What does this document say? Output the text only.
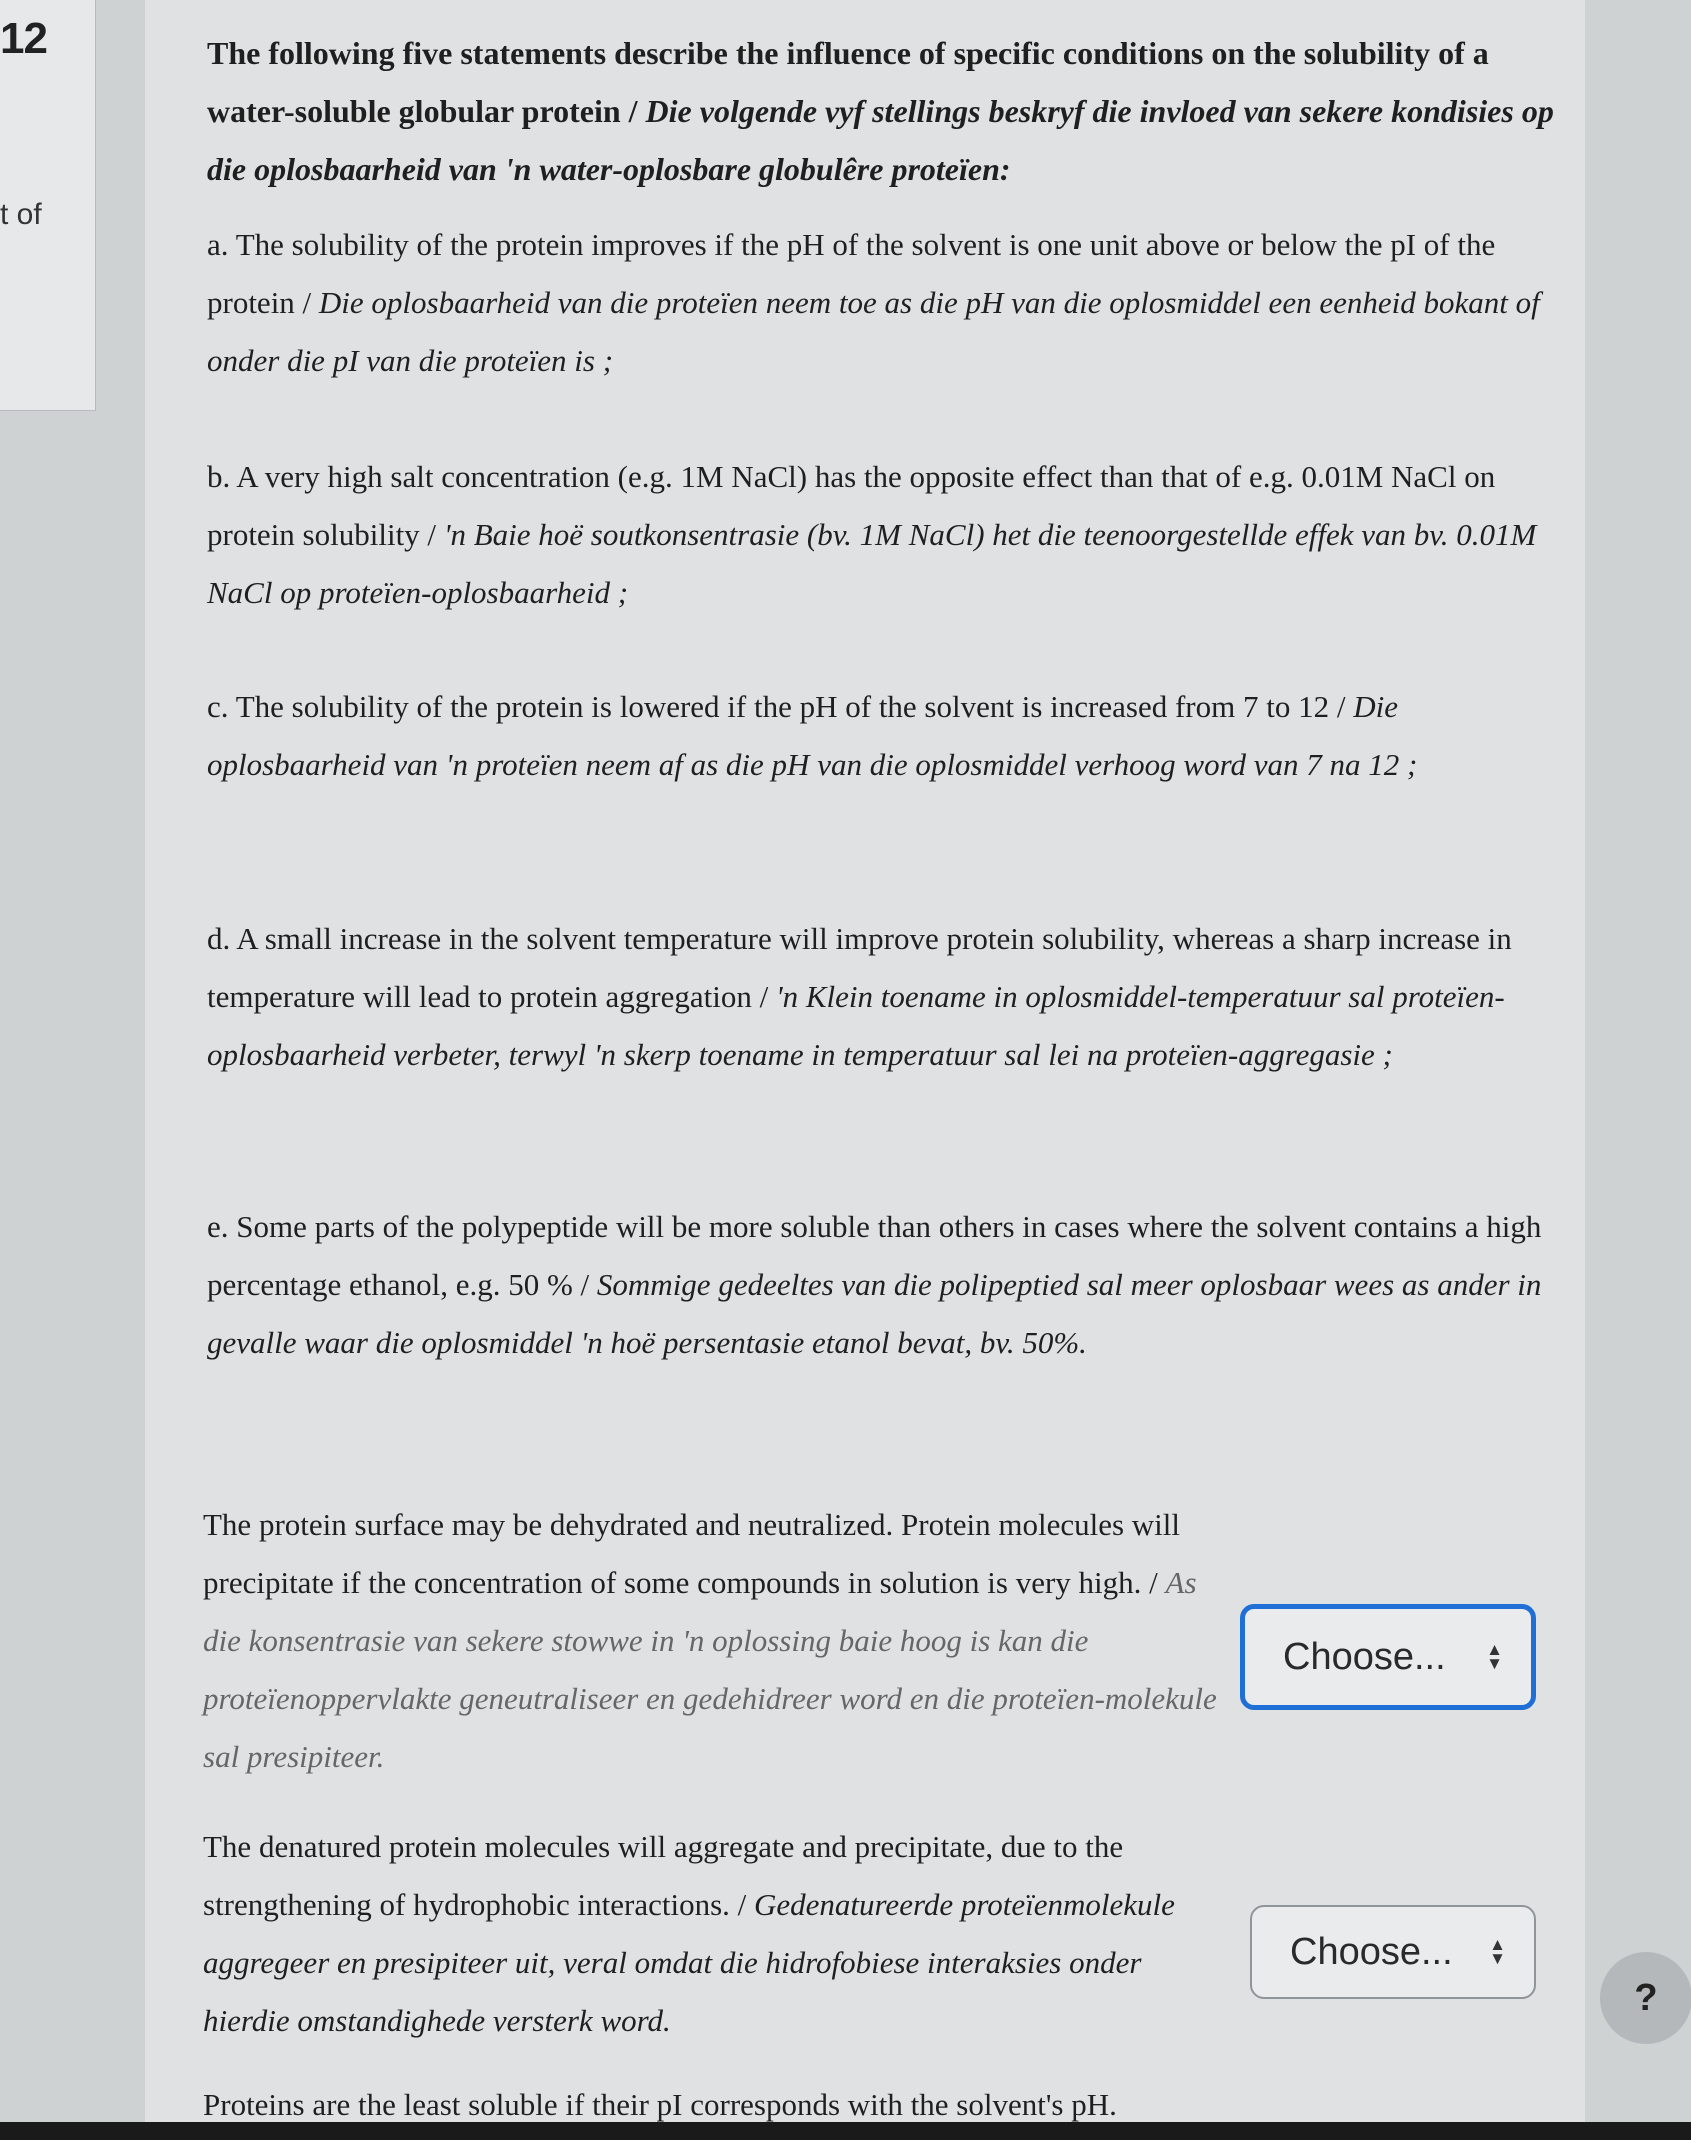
12
t of
The following five statements describe the influence of specific conditions on the solubility of a water-soluble globular protein / Die volgende vyf stellings beskryf die invloed van sekere kondisies op die oplosbaarheid van 'n water-oplosbare globulêre proteïen:
a. The solubility of the protein improves if the pH of the solvent is one unit above or below the pI of the protein / Die oplosbaarheid van die proteïen neem toe as die pH van die oplosmiddel een eenheid bokant of onder die pI van die proteïen is ;
b. A very high salt concentration (e.g. 1M NaCl) has the opposite effect than that of e.g. 0.01M NaCl on protein solubility / 'n Baie hoë soutkonsentrasie (bv. 1M NaCl) het die teenoorgestellde effek van bv. 0.01M NaCl op proteïen-oplosbaarheid ;
c. The solubility of the protein is lowered if the pH of the solvent is increased from 7 to 12 / Die oplosbaarheid van 'n proteïen neem af as die pH van die oplosmiddel verhoog word van 7 na 12 ;
d. A small increase in the solvent temperature will improve protein solubility, whereas a sharp increase in temperature will lead to protein aggregation / 'n Klein toename in oplosmiddel-temperatuur sal proteïen-oplosbaarheid verbeter, terwyl 'n skerp toename in temperatuur sal lei na proteïen-aggregasie ;
e. Some parts of the polypeptide will be more soluble than others in cases where the solvent contains a high percentage ethanol, e.g. 50 % / Sommige gedeeltes van die polipeptied sal meer oplosbaar wees as ander in gevalle waar die oplosmiddel 'n hoë persentasie etanol bevat, bv. 50%.
The protein surface may be dehydrated and neutralized. Protein molecules will precipitate if the concentration of some compounds in solution is very high. / As die konsentrasie van sekere stowwe in 'n oplossing baie hoog is kan die proteïenoppervlakte geneutraliseer en gedehidreer word en die proteïen-molekule sal presipiteer.
The denatured protein molecules will aggregate and precipitate, due to the strengthening of hydrophobic interactions. / Gedenatureerde proteïenmolekule aggregeer en presipiteer uit, veral omdat die hidrofobiese interaksies onder hierdie omstandighede versterk word.
Proteins are the least soluble if their pI corresponds with the solvent's pH.
Choose... ▲
▼
Choose... ▲
▼
?
